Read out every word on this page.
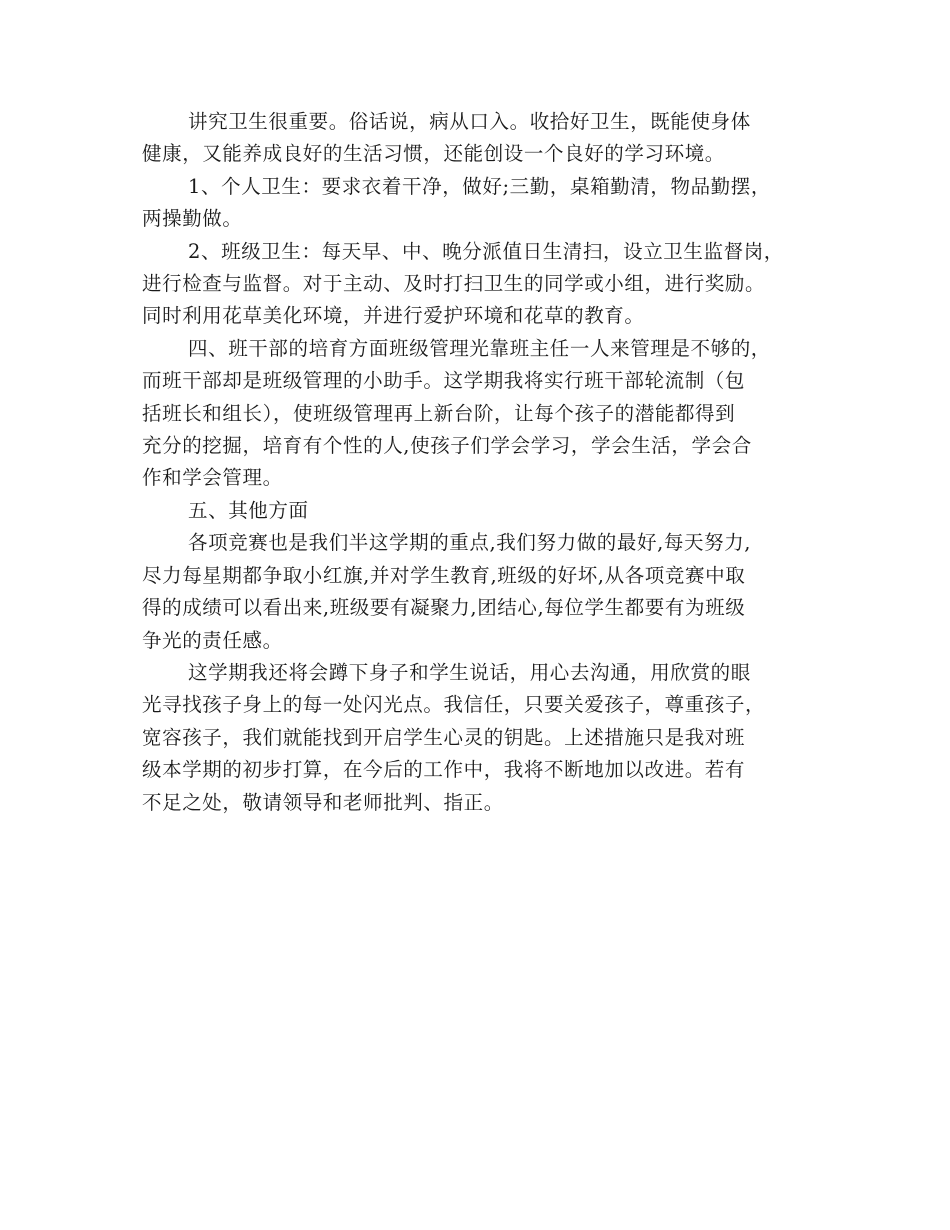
讲究卫生很重要。俗话说，病从口入。收拾好卫生，既能使身体
健康，又能养成良好的生活习惯，还能创设一个良好的学习环境。

1、个人卫生：要求衣着干净，做好;三勤，桌箱勤清，物品勤摆，
两操勤做。

2、班级卫生：每天早、中、晚分派值日生清扫，设立卫生监督岗，
进行检查与监督。对于主动、及时打扫卫生的同学或小组，进行奖励。
同时利用花草美化环境，并进行爱护环境和花草的教育。

四、班干部的培育方面班级管理光靠班主任一人来管理是不够的，
而班干部却是班级管理的小助手。这学期我将实行班干部轮流制（包
括班长和组长），使班级管理再上新台阶，让每个孩子的潜能都得到
充分的挖掘，培育有个性的人,使孩子们学会学习，学会生活，学会合
作和学会管理。

五、其他方面

各项竞赛也是我们半这学期的重点,我们努力做的最好,每天努力,
尽力每星期都争取小红旗,并对学生教育,班级的好坏,从各项竞赛中取
得的成绩可以看出来,班级要有凝聚力,团结心,每位学生都要有为班级
争光的责任感。

这学期我还将会蹲下身子和学生说话，用心去沟通，用欣赏的眼
光寻找孩子身上的每一处闪光点。我信任，只要关爱孩子，尊重孩子，
宽容孩子，我们就能找到开启学生心灵的钥匙。上述措施只是我对班
级本学期的初步打算，在今后的工作中，我将不断地加以改进。若有
不足之处，敬请领导和老师批判、指正。
